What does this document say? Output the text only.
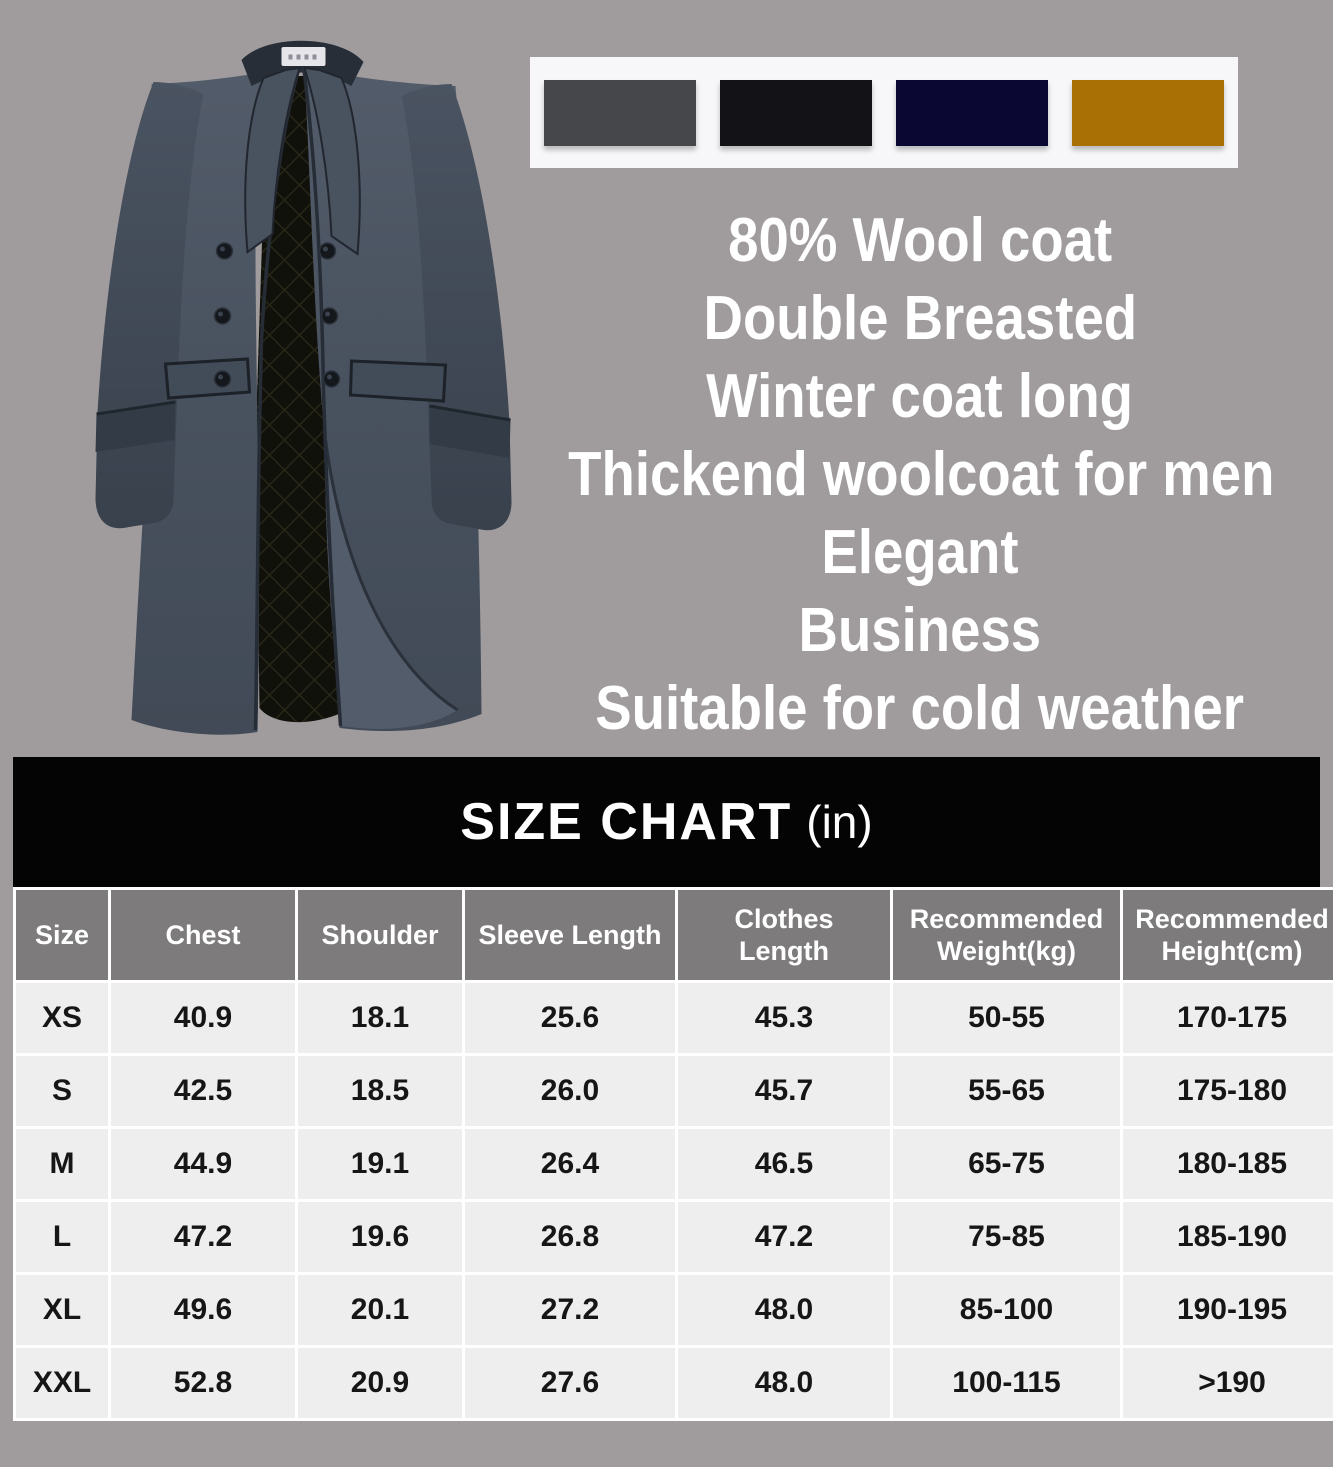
80% Wool coat
Double Breasted
Winter coat long
Thickend woolcoat for men
Elegant
Business
Suitable for cold weather
SIZE CHART (in)
Size	Chest	Shoulder	Sleeve Length	Clothes Length	Recommended Weight(kg)	Recommended Height(cm)
XS	40.9	18.1	25.6	45.3	50-55	170-175
S	42.5	18.5	26.0	45.7	55-65	175-180
M	44.9	19.1	26.4	46.5	65-75	180-185
L	47.2	19.6	26.8	47.2	75-85	185-190
XL	49.6	20.1	27.2	48.0	85-100	190-195
XXL	52.8	20.9	27.6	48.0	100-115	>190
